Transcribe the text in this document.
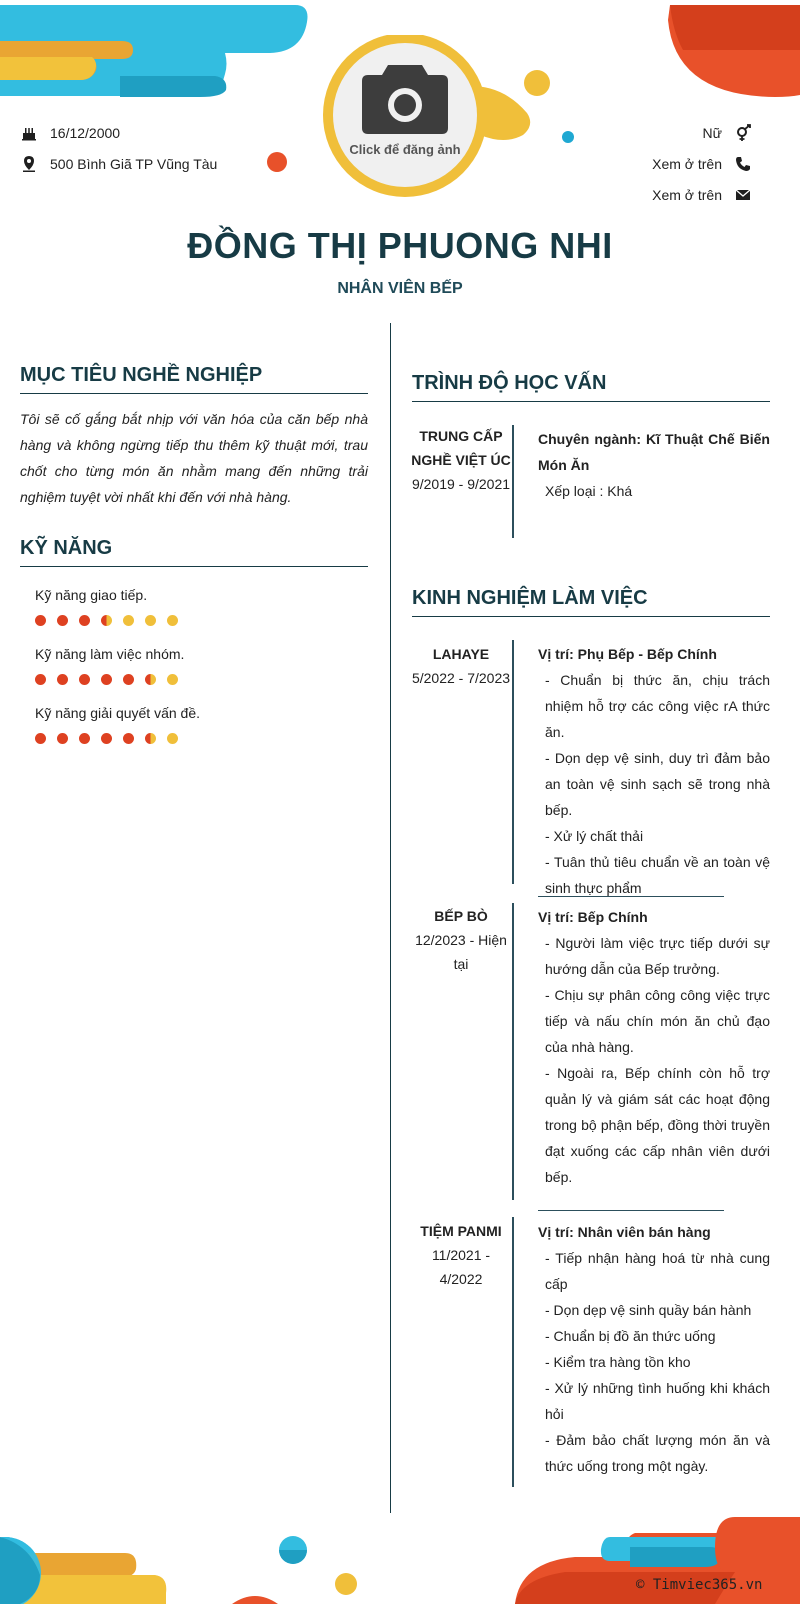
Click để đăng ảnh
16/12/2000
500 Bình Giã TP Vũng Tàu
Nữ
Xem ở trên
Xem ở trên
ĐỒNG THỊ PHUONG NHI
NHÂN VIÊN BẾP
MỤC TIÊU NGHỀ NGHIỆP
Tôi sẽ cố gắng bắt nhịp với văn hóa của căn bếp nhà hàng và không ngừng tiếp thu thêm kỹ thuật mới, trau chốt cho từng món ăn nhằm mang đến những trải nghiệm tuyệt vời nhất khi đến với nhà hàng.
KỸ NĂNG
Kỹ năng giao tiếp.
Kỹ năng làm việc nhóm.
Kỹ năng giải quyết vấn đề.
TRÌNH ĐỘ HỌC VẤN
TRUNG CẤP NGHỀ VIỆT ÚC
9/2019 - 9/2021
Chuyên ngành: Kĩ Thuật Chế Biến Món Ăn
Xếp loại : Khá
KINH NGHIỆM LÀM VIỆC
LAHAYE
5/2022 - 7/2023
Vị trí: Phụ Bếp - Bếp Chính
- Chuẩn bị thức ăn, chịu trách nhiệm hỗ trợ các công việc rA thức ăn.
- Dọn dẹp vệ sinh, duy trì đảm bảo an toàn vệ sinh sạch sẽ trong nhà bếp.
- Xử lý chất thải
- Tuân thủ tiêu chuẩn về an toàn vệ sinh thực phẩm
BẾP BÒ
12/2023 - Hiện tại
Vị trí: Bếp Chính
- Người làm việc trực tiếp dưới sự hướng dẫn của Bếp trưởng.
- Chịu sự phân công công việc trực tiếp và nấu chín món ăn chủ đạo của nhà hàng.
- Ngoài ra, Bếp chính còn hỗ trợ quản lý và giám sát các hoạt động trong bộ phận bếp, đồng thời truyền đạt xuống các cấp nhân viên dưới bếp.
TIỆM PANMI
11/2021 - 4/2022
Vị trí: Nhân viên bán hàng
- Tiếp nhận hàng hoá từ nhà cung cấp
- Dọn dẹp vệ sinh quầy bán hành
- Chuẩn bị đồ ăn thức uống
- Kiểm tra hàng tồn kho
- Xử lý những tình huống khi khách hỏi
- Đảm bảo chất lượng món ăn và thức uống trong một ngày.
© Timviec365.vn
